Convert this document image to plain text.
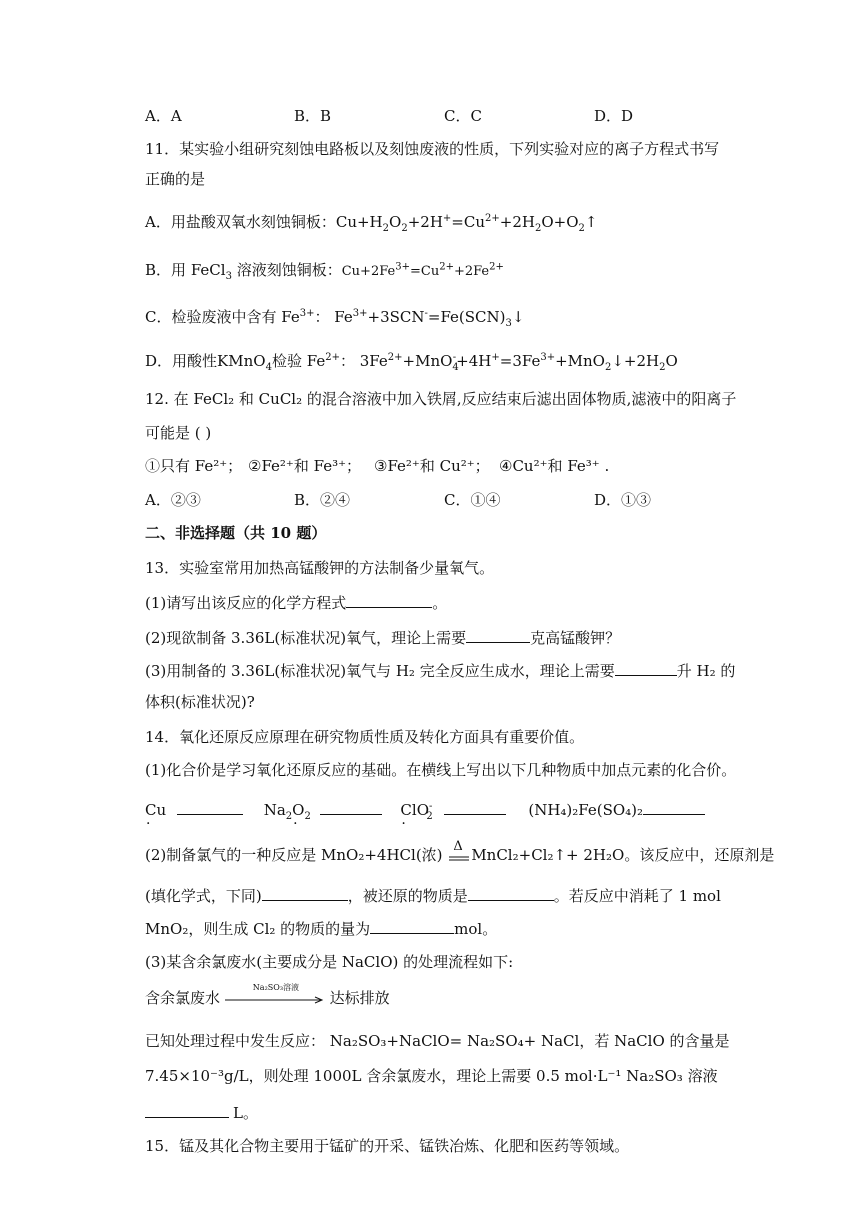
A．A	B．B	C．C	D．D
11．某实验小组研究刻蚀电路板以及刻蚀废液的性质，下列实验对应的离子方程式书写
正确的是
A．用盐酸双氧水刻蚀铜板：$Cu+H_2O_2+2H^+=Cu^{2+}+2H_2O+O_2↑$
B．用 FeCl$_3$ 溶液刻蚀铜板：$Cu+2Fe^{3+}=Cu^{2+}+2Fe^{2+}$
C．检验废液中含有 $Fe^{3+}$： $Fe^{3+}+3SCN^-=Fe(SCN)_3↓$
D．用酸性KMnO$_4$检验 $Fe^{2+}$： $3Fe^{2+}+MnO_4^-+4H^+=3Fe^{3+}+MnO_2↓+2H_2O$
12. 在 FeCl₂ 和 CuCl₂ 的混合溶液中加入铁屑,反应结束后滤出固体物质,滤液中的阳离子
可能是 ( )
①只有 Fe²⁺； ②Fe²⁺和 Fe³⁺； ③Fe²⁺和 Cu²⁺； ④Cu²⁺和 Fe³⁺ .
A．②③	B．②④	C．①④	D．①③
二、非选择题（共 10 题）
13．实验室常用加热高锰酸钾的方法制备少量氧气。
(1)请写出该反应的化学方程式	。
(2)现欲制备 3.36L(标准状况)氧气，理论上需要	克高锰酸钾？
(3)用制备的 3.36L(标准状况)氧气与 H₂ 完全反应生成水，理论上需要	升 H₂ 的
体积(标准状况)?
14．氧化还原反应原理在研究物质性质及转化方面具有重要价值。
(1)化合价是学习氧化还原反应的基础。在横线上写出以下几种物质中加点元素的化合价。
C ·u	$Na_2O \cdot_2$	$Cl \cdot O^-_2$	(NH₄)₂Fe(SO₄)₂
(2)制备氯气的一种反应是 MnO₂+4HCl(浓) Δ MnCl₂+Cl₂↑+ 2H₂O。该反应中，还原剂是
(填化学式，下同)	，被还原的物质是	。若反应中消耗了 1 mol
MnO₂，则生成 Cl₂ 的物质的量为	mol。
(3)某含余氯废水(主要成分是 NaClO) 的处理流程如下:
含余氯废水
Na₂SO₃溶液
达标排放
已知处理过程中发生反应： Na₂SO₃+NaClO= Na₂SO₄+ NaCl，若 NaClO 的含量是
7.45×10⁻³g/L，则处理 1000L 含余氯废水，理论上需要 0.5 mol·L⁻¹ Na₂SO₃ 溶液
L。
15．锰及其化合物主要用于锰矿的开采、锰铁冶炼、化肥和医药等领域。
